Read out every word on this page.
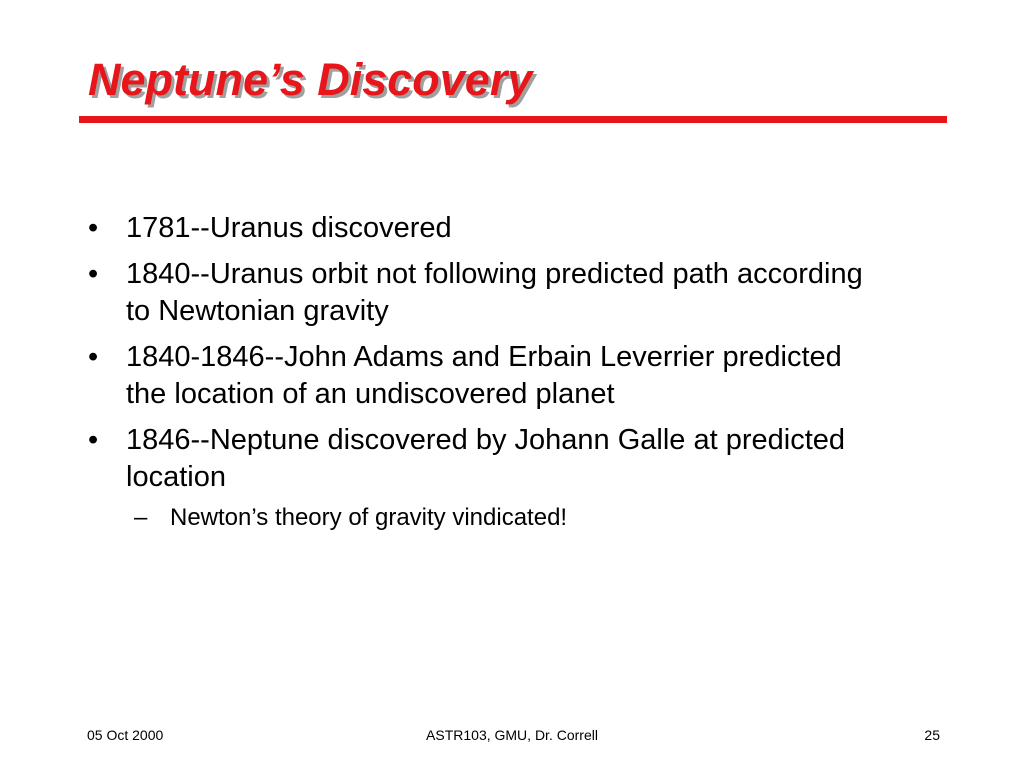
Neptune’s Discovery
• 1781--Uranus discovered
• 1840--Uranus orbit not following predicted path according to Newtonian gravity
• 1840-1846--John Adams and Erbain Leverrier predicted the location of an undiscovered planet
• 1846--Neptune discovered by Johann Galle at predicted location
– Newton’s theory of gravity vindicated!
05 Oct 2000	ASTR103, GMU, Dr. Correll	25
